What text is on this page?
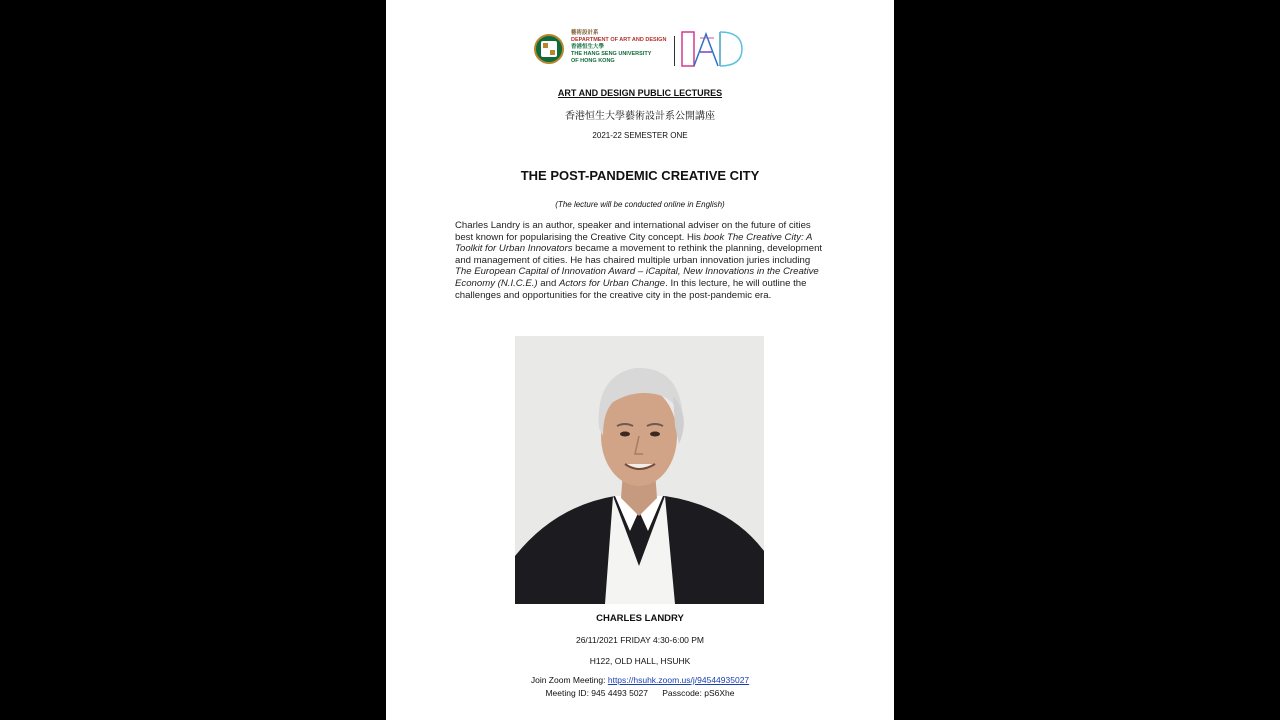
藝術設計系
DEPARTMENT OF ART AND DESIGN
香港恒生大學
THE HANG SENG UNIVERSITY
OF HONG KONG
ART AND DESIGN PUBLIC LECTURES
香港恒生大學藝術設計系公開講座
2021-22 SEMESTER ONE
THE POST-PANDEMIC CREATIVE CITY
(The lecture will be conducted online in English)
Charles Landry is an author, speaker and international adviser on the future of cities best known for popularising the Creative City concept. His book The Creative City: A Toolkit for Urban Innovators became a movement to rethink the planning, development and management of cities. He has chaired multiple urban innovation juries including The European Capital of Innovation Award – iCapital, New Innovations in the Creative Economy (N.I.C.E.) and Actors for Urban Change. In this lecture, he will outline the challenges and opportunities for the creative city in the post-pandemic era.
CHARLES LANDRY
26/11/2021 FRIDAY 4:30-6:00 PM
H122, OLD HALL, HSUHK
Join Zoom Meeting: https://hsuhk.zoom.us/j/94544935027
Meeting ID: 945 4493 5027 Passcode: pS6Xhe
